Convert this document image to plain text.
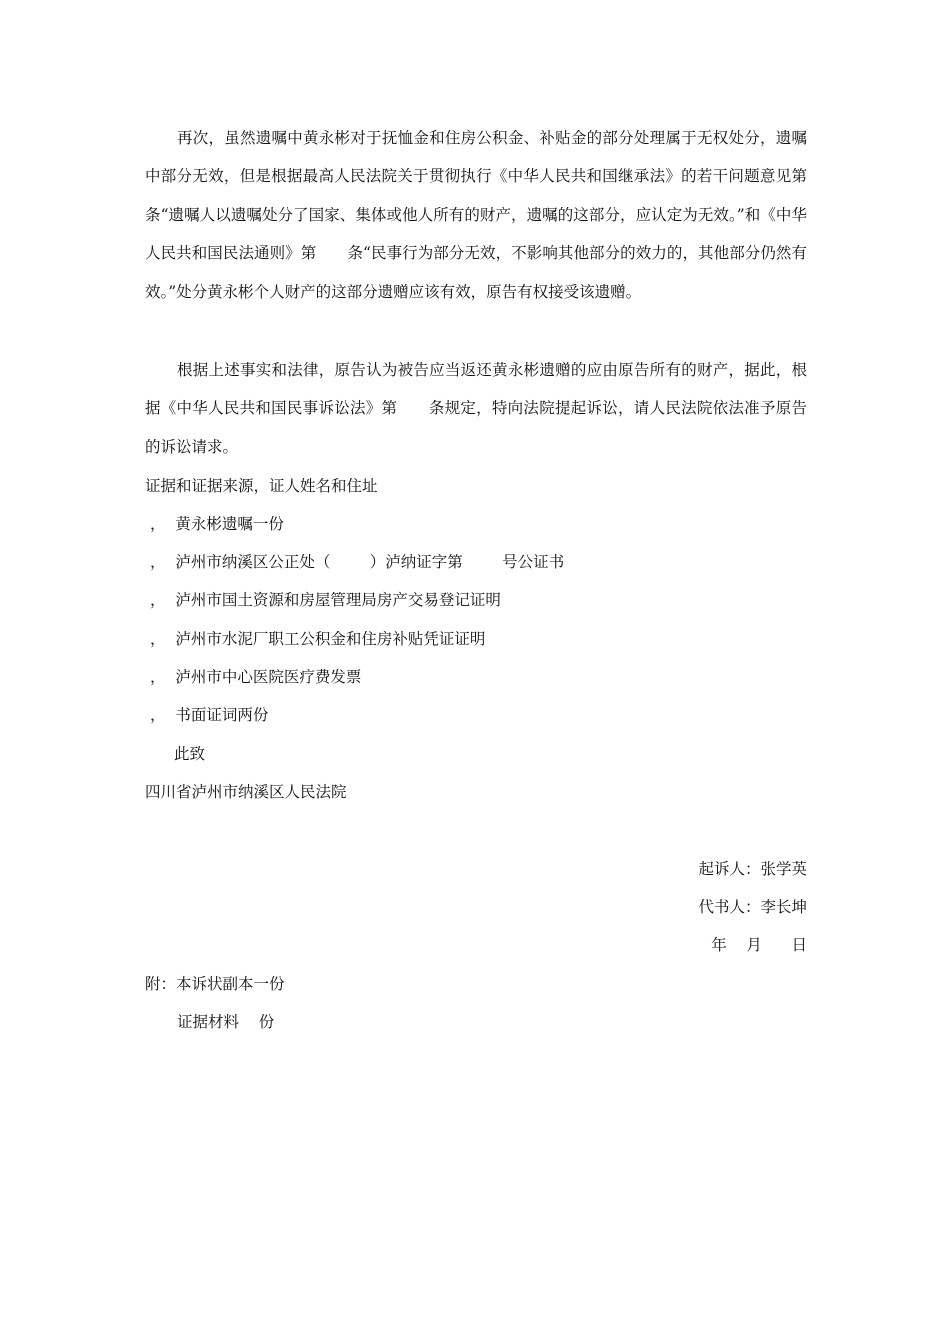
再次，虽然遗嘱中黄永彬对于抚恤金和住房公积金、补贴金的部分处理属于无权处分，遗嘱中部分无效，但是根据最高人民法院关于贯彻执行《中华人民共和国继承法》的若干问题意见第　　条“遗嘱人以遗嘱处分了国家、集体或他人所有的财产，遗嘱的这部分，应认定为无效。”和《中华人民共和国民法通则》第　　条“民事行为部分无效，不影响其他部分的效力的，其他部分仍然有效。”处分黄永彬个人财产的这部分遗赠应该有效，原告有权接受该遗赠。

根据上述事实和法律，原告认为被告应当返还黄永彬遗赠的应由原告所有的财产，据此，根据《中华人民共和国民事诉讼法》第　　条规定，特向法院提起诉讼，请人民法院依法准予原告的诉讼请求。

证据和证据来源，证人姓名和住址

，  黄永彬遗嘱一份

，  泸州市纳溪区公正处（        ）泸纳证字第        号公证书

，  泸州市国土资源和房屋管理局房产交易登记证明

，  泸州市水泥厂职工公积金和住房补贴凭证证明

，  泸州市中心医院医疗费发票

，  书面证词两份

此致

四川省泸州市纳溪区人民法院

起诉人：张学英

代书人：李长坤

年    月      日

附：本诉状副本一份

证据材料    份
